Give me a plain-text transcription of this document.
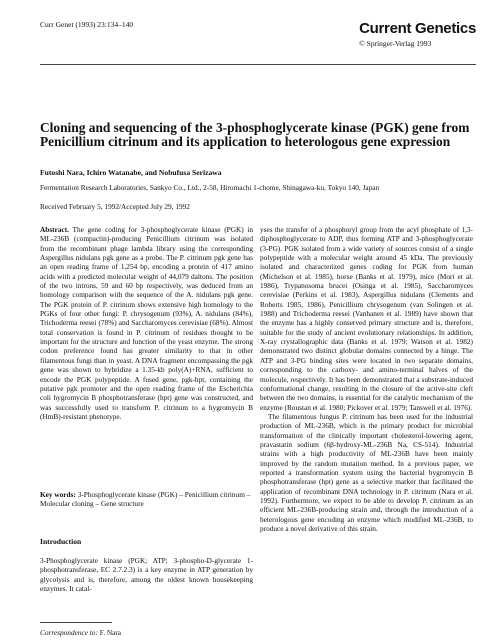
Curr Genet (1993) 23:134–140	Current Genetics
© Springer-Verlag 1993
Cloning and sequencing of the 3-phosphoglycerate kinase (PGK) gene from Penicillium citrinum and its application to heterologous gene expression
Futoshi Nara, Ichiro Watanabe, and Nobufusa Serizawa
Fermentation Research Laboratories, Sankyo Co., Ltd., 2-58, Hiromachi 1-chome, Shinagawa-ku, Tokyo 140, Japan
Received February 5, 1992/Accepted July 29, 1992

Abstract. The gene coding for 3-phosphoglycerate kinase (PGK) in ML-236B (compactin)-producing Penicillium citrinum was isolated from the recombinant phage lambda library using the corresponding Aspergillus nidulans pgk gene as a probe. The P. citrinum pgk gene has an open reading frame of 1,254 bp, encoding a protein of 417 amino acids with a predicted molecular weight of 44,079 daltons. The position of the two introns, 59 and 60 bp respectively, was deduced from an homology comparison with the sequence of the A. nidulans pgk gene. The PGK protein of P. citrinum shows extensive high homology to the PGKs of four other fungi: P. chrysogenum (93%), A. nidulans (84%), Trichoderma reesei (78%) and Saccharomyces cerevisiae (68%). Almost total conservation is found in P. citrinum of residues thought to be important for the structure and function of the yeast enzyme. The strong codon preference found has greater similarity to that in other filamentous fungi than in yeast. A DNA fragment encompassing the pgk gene was shown to hybridize a 1.35-kb poly(A)+RNA, sufficient to encode the PGK polypeptide. A fused gene, pgk-hpt, containing the putative pgk promoter and the open reading frame of the Escherichia coli hygromycin B phosphotransferase (hpt) gene was constructed, and was successfully used to transform P. citrinum to a hygromycin B (HmB)-resistant phenotype.

Key words: 3-Phosphoglycerate kinase (PGK) – Penicillium citrinum – Molecular cloning – Gene structure
Introduction
3-Phosphoglycerate kinase (PGK; ATP; 3-phospho-D-glycerate 1-phosphotransferase, EC 2.7.2.3) is a key enzyme in ATP generation by glycolysis and is, therefore, among the oldest known housekeeping enzymes. It catal-
Correspondence to: F. Nara

yses the transfer of a phosphoryl group from the acyl phosphate of 1,3-diphosphoglycerate to ADP, thus forming ATP and 3-phosphoglycerate (3-PG). PGK isolated from a wide variety of sources consist of a single polypeptide with a molecular weight around 45 kDa. The previously isolated and characterized genes coding for PGK from human (Michelson et al. 1985), horse (Banks et al. 1979), mice (Mori et al. 1986), Trypanosoma brucei (Osinga et al. 1985), Saccharomyces cerevisiae (Perkins et al. 1983), Aspergillus nidulans (Clements and Roberts 1985, 1986), Penicillium chrysogenum (van Solingen et al. 1988) and Trichoderma reesei (Vanhanen et al. 1989) have shown that the enzyme has a highly conserved primary structure and is, therefore, suitable for the study of ancient evolutionary relationships. In addition, X-ray crystallographic data (Banks et al. 1979; Watson et al. 1982) demonstrated two distinct globular domains connected by a hinge. The ATP and 3-PG binding sites were located in two separate domains, corresponding to the carboxy- and amino-terminal halves of the molecule, respectively. It has been demonstrated that a substrate-induced conformational change, resulting in the closure of the active-site cleft between the two domains, is essential for the catalytic mechanism of the enzyme (Roustan et al. 1980; Pickover et al. 1979; Tanswell et al. 1976).

The filamentous fungus P. citrinum has been used for the industrial production of ML-236B, which is the primary product for microbial transformation of the clinically important cholesterol-lowering agent, pravastatin sodium (6β-hydroxy-ML-236B Na, CS-514). Industrial strains with a high productivity of ML-236B have been mainly improved by the random mutation method. In a previous paper, we reported a transformation system using the bacterial hygromycin B phosphotransferase (hpt) gene as a selective marker that facilitated the application of recombinant DNA technology in P. citrinum (Nara et al. 1992). Furthermore, we expect to be able to develop P. citrinum as an efficient ML-236B-producing strain and, through the introduction of a heterologous gene encoding an enzyme which modified ML-236B, to produce a novel derivative of this strain.
